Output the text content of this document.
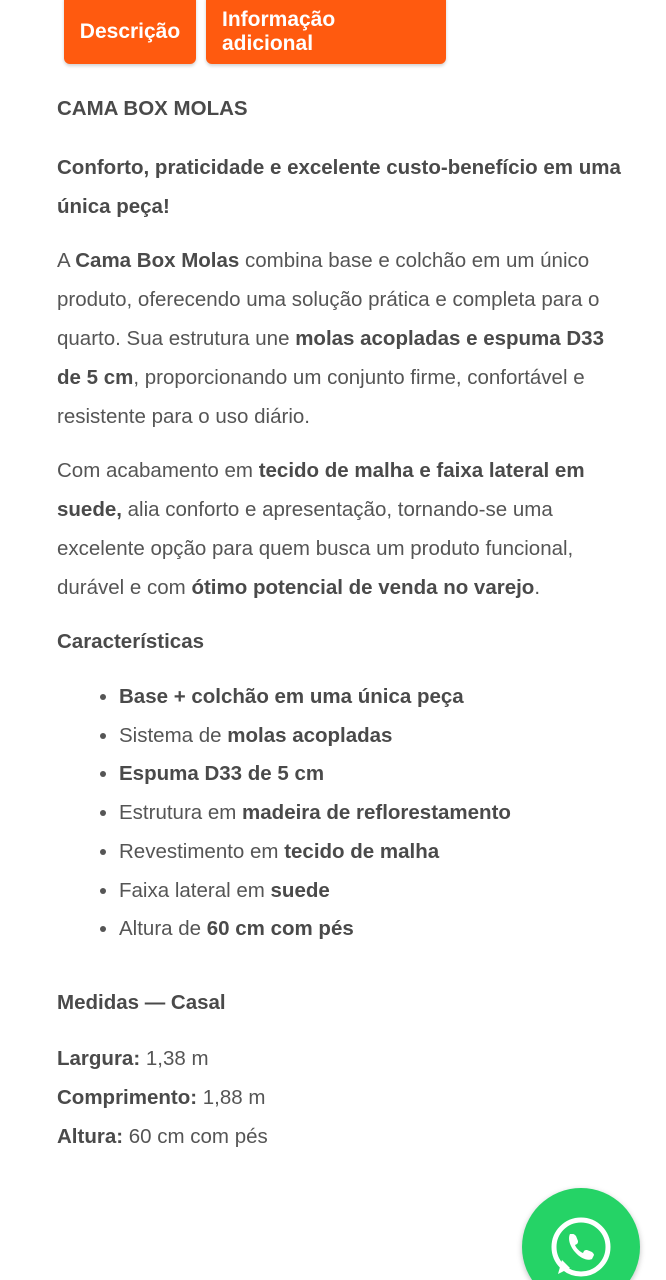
Descrição
Informação adicional

CAMA BOX MOLAS

Conforto, praticidade e excelente custo-benefício em uma única peça!

A Cama Box Molas combina base e colchão em um único produto, oferecendo uma solução prática e completa para o quarto. Sua estrutura une molas acopladas e espuma D33 de 5 cm, proporcionando um conjunto firme, confortável e resistente para o uso diário.

Com acabamento em tecido de malha e faixa lateral em suede, alia conforto e apresentação, tornando-se uma excelente opção para quem busca um produto funcional, durável e com ótimo potencial de venda no varejo.

Características

• Base + colchão em uma única peça
• Sistema de molas acopladas
• Espuma D33 de 5 cm
• Estrutura em madeira de reflorestamento
• Revestimento em tecido de malha
• Faixa lateral em suede
• Altura de 60 cm com pés

Medidas — Casal

Largura: 1,38 m
Comprimento: 1,88 m
Altura: 60 cm com pés
